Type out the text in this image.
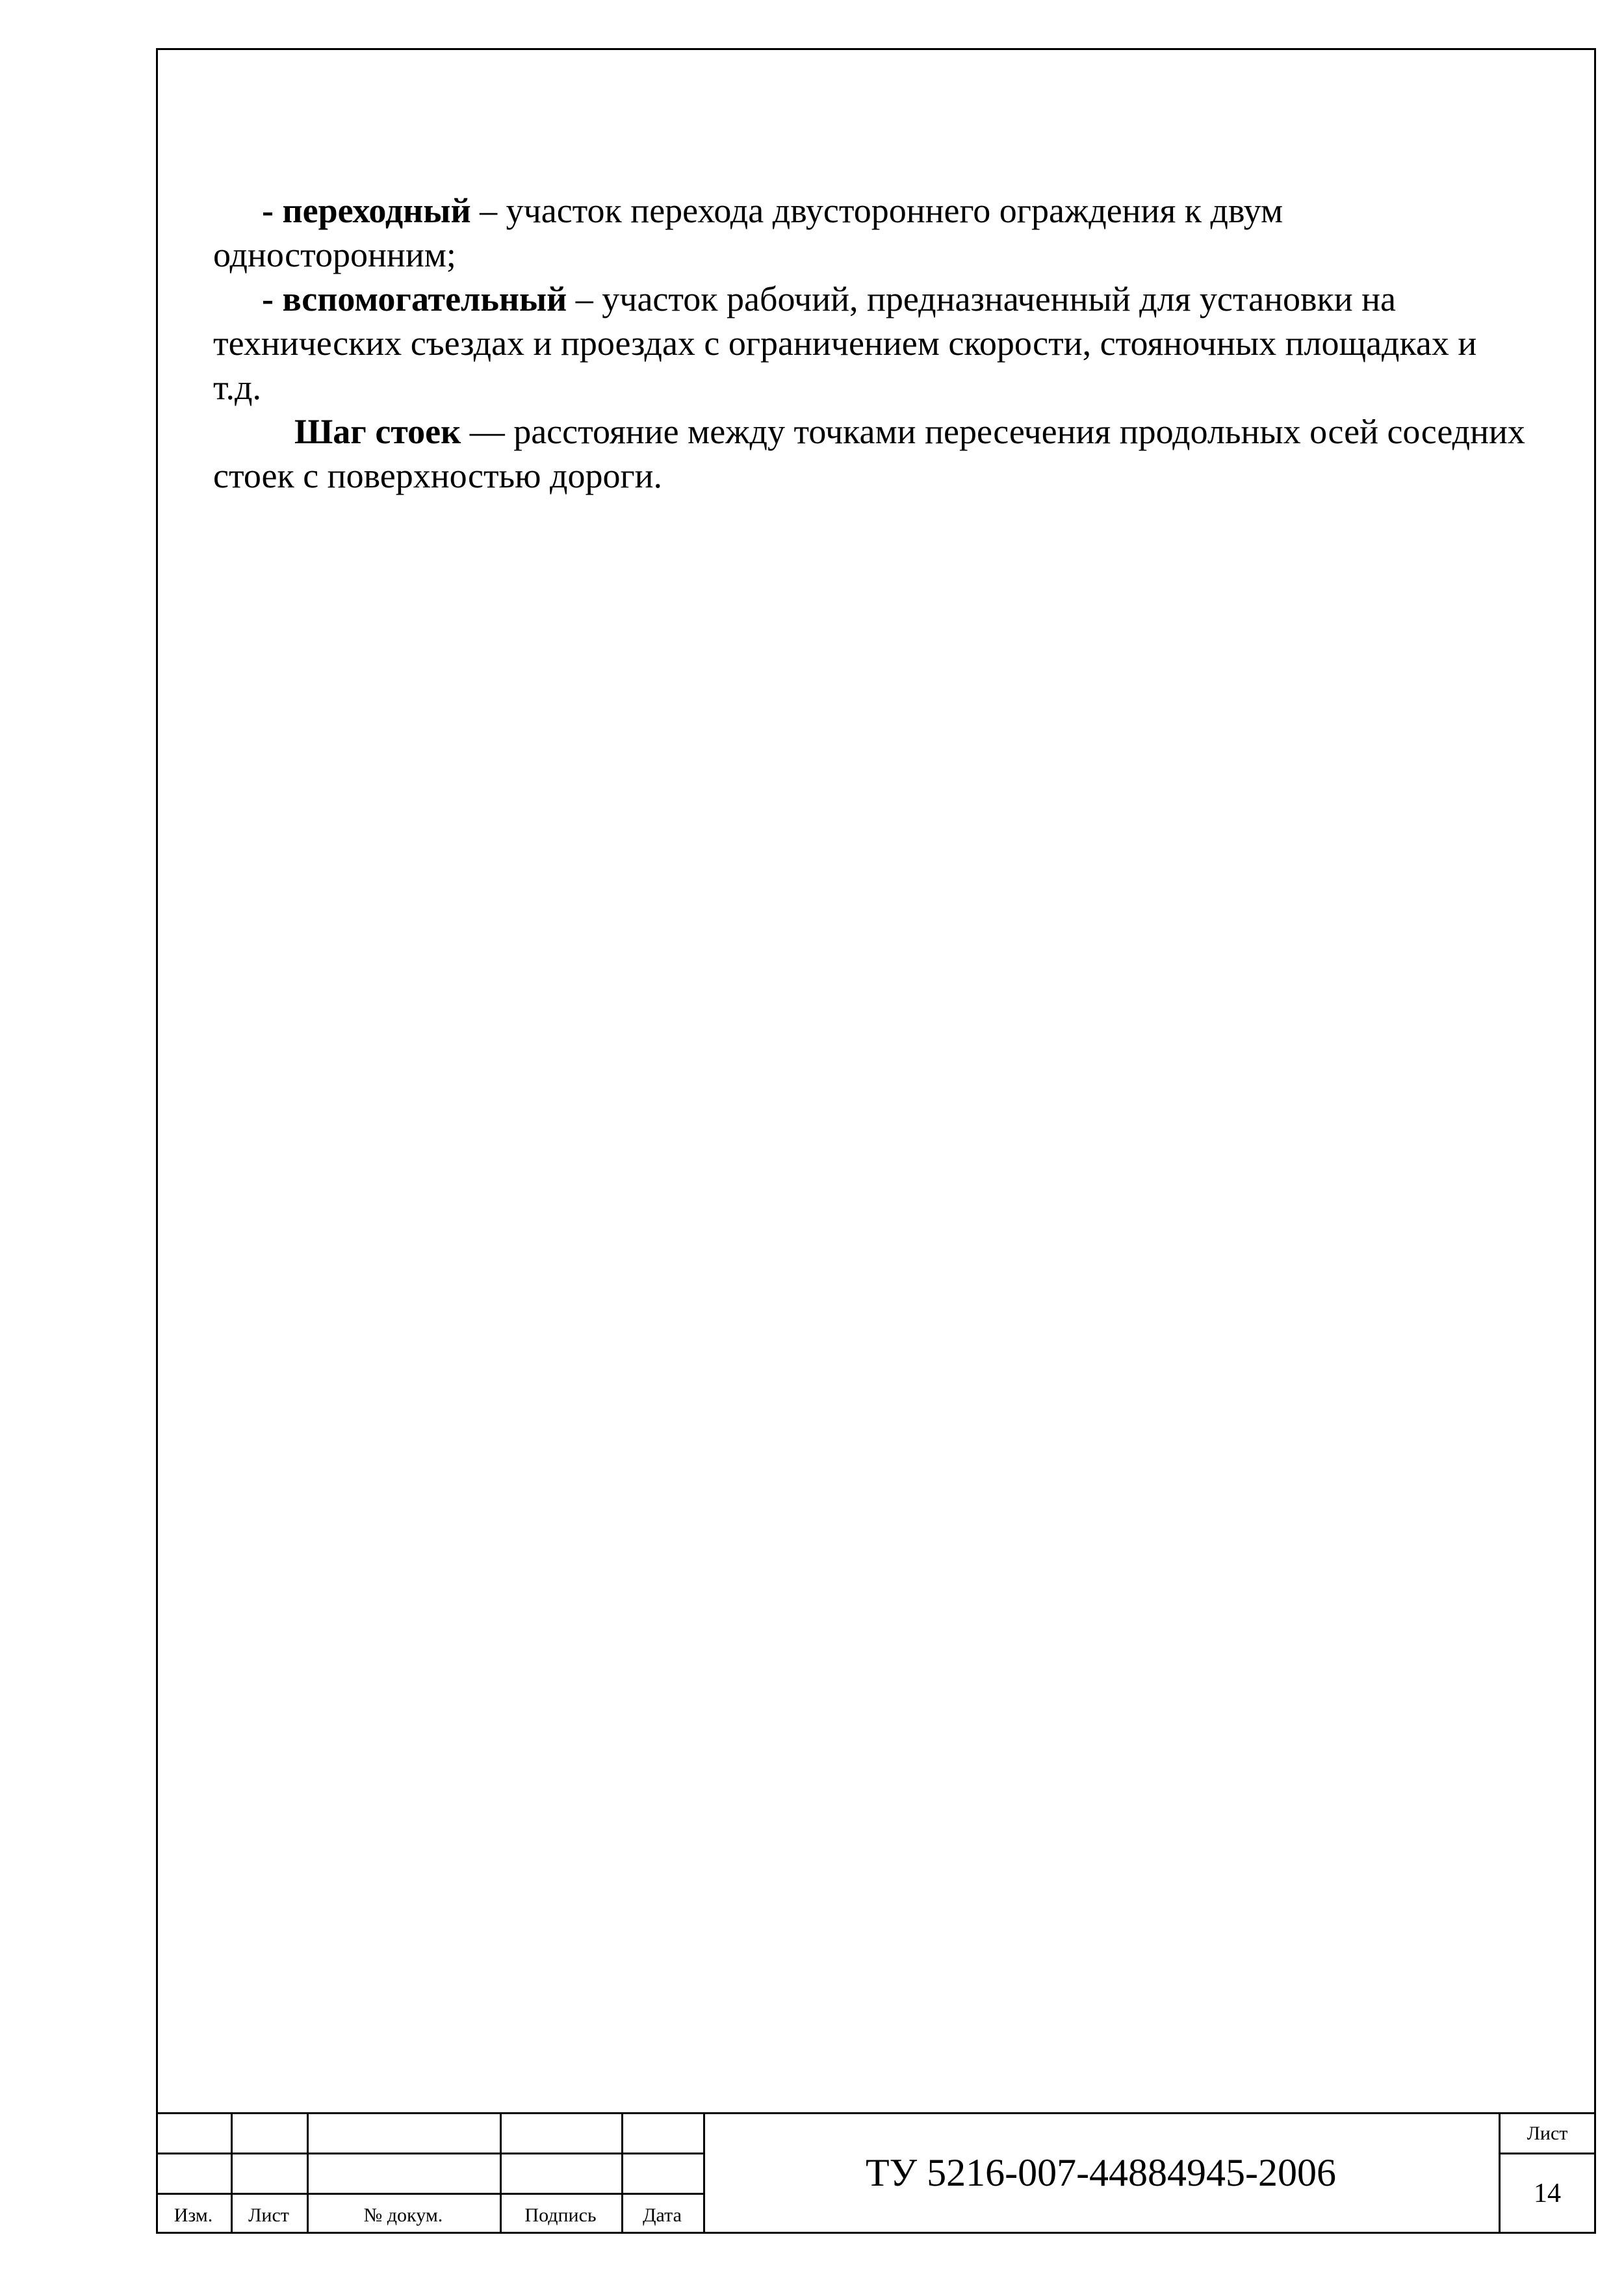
- переходный – участок перехода двустороннего ограждения к двум одностоpонним;

- вспомогательный – участок рабочий, предназначенный для установки на технических съездах и проездах с ограничением скорости, стояночных площадках и т.д.

Шаг стоек — расстояние между точками пересечения продольных осей соседних стоек с поверхностью дороги.

Изм.	Лист	№ докум.	Подпись	Дата
ТУ 5216-007-44884945-2006
Лист
14
